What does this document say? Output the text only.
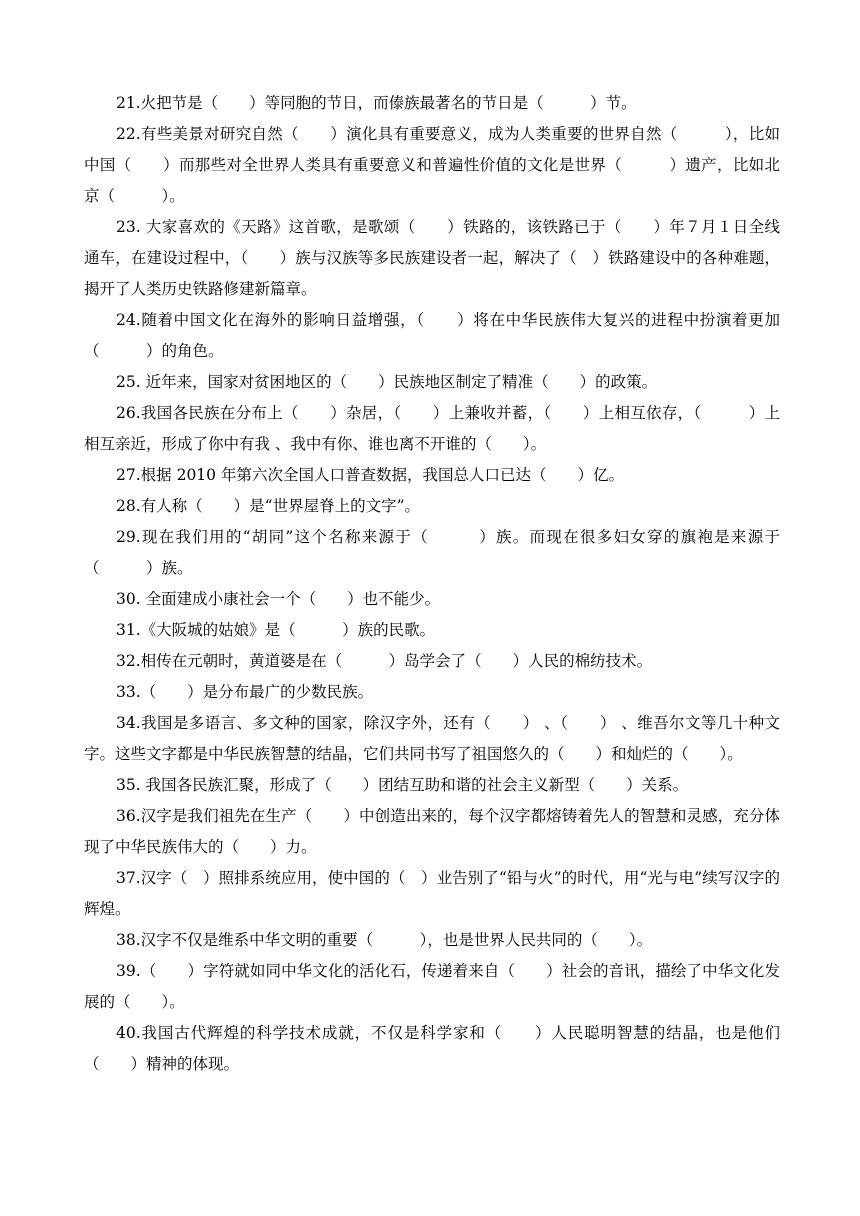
21.火把节是（　　）等同胞的节日，而傣族最著名的节日是（　　　）节。

22.有些美景对研究自然（　　）演化具有重要意义，成为人类重要的世界自然（　　　），比如中国（　　）而那些对全世界人类具有重要意义和普遍性价值的文化是世界（　　　）遗产，比如北京（　　　）。

23. 大家喜欢的《天路》这首歌，是歌颂（　　）铁路的，该铁路已于（　　）年７月１日全线通车，在建设过程中，（　　）族与汉族等多民族建设者一起，解决了（　）铁路建设中的各种难题，揭开了人类历史铁路修建新篇章。

24.随着中国文化在海外的影响日益增强，（　　）将在中华民族伟大复兴的进程中扮演着更加（　　　）的角色。

25. 近年来，国家对贫困地区的（　　）民族地区制定了精准（　　）的政策。

26.我国各民族在分布上（　　）杂居，（　　）上兼收并蓄，（　　）上相互依存，（　　　）上相互亲近，形成了你中有我 、我中有你、谁也离不开谁的（　　）。

27.根据 2010 年第六次全国人口普查数据，我国总人口已达（　　）亿。

28.有人称（　　）是“世界屋脊上的文字”。

29.现在我们用的“胡同”这个名称来源于（　　　）族。而现在很多妇女穿的旗袍是来源于（　　　）族。

30. 全面建成小康社会一个（　　）也不能少。

31.《大阪城的姑娘》是（　　　）族的民歌。

32.相传在元朝时，黄道婆是在（　　　）岛学会了（　　）人民的棉纺技术。

33.（　　）是分布最广的少数民族。

34.我国是多语言、多文种的国家，除汉字外，还有（　　） 、（　　） 、维吾尔文等几十种文字。这些文字都是中华民族智慧的结晶，它们共同书写了祖国悠久的（　　）和灿烂的（　　）。

35. 我国各民族汇聚，形成了（　　）团结互助和谐的社会主义新型（　　）关系。

36.汉字是我们祖先在生产（　　）中创造出来的，每个汉字都熔铸着先人的智慧和灵感，充分体现了中华民族伟大的（　　）力。

37.汉字（　）照排系统应用，使中国的（　）业告别了“铅与火”的时代，用“光与电”续写汉字的辉煌。

38.汉字不仅是维系中华文明的重要（　　　），也是世界人民共同的（　　）。

39.（　　）字符就如同中华文化的活化石，传递着来自（　　）社会的音讯，描绘了中华文化发展的（　　）。

40.我国古代辉煌的科学技术成就，不仅是科学家和（　　）人民聪明智慧的结晶，也是他们（　　）精神的体现。
